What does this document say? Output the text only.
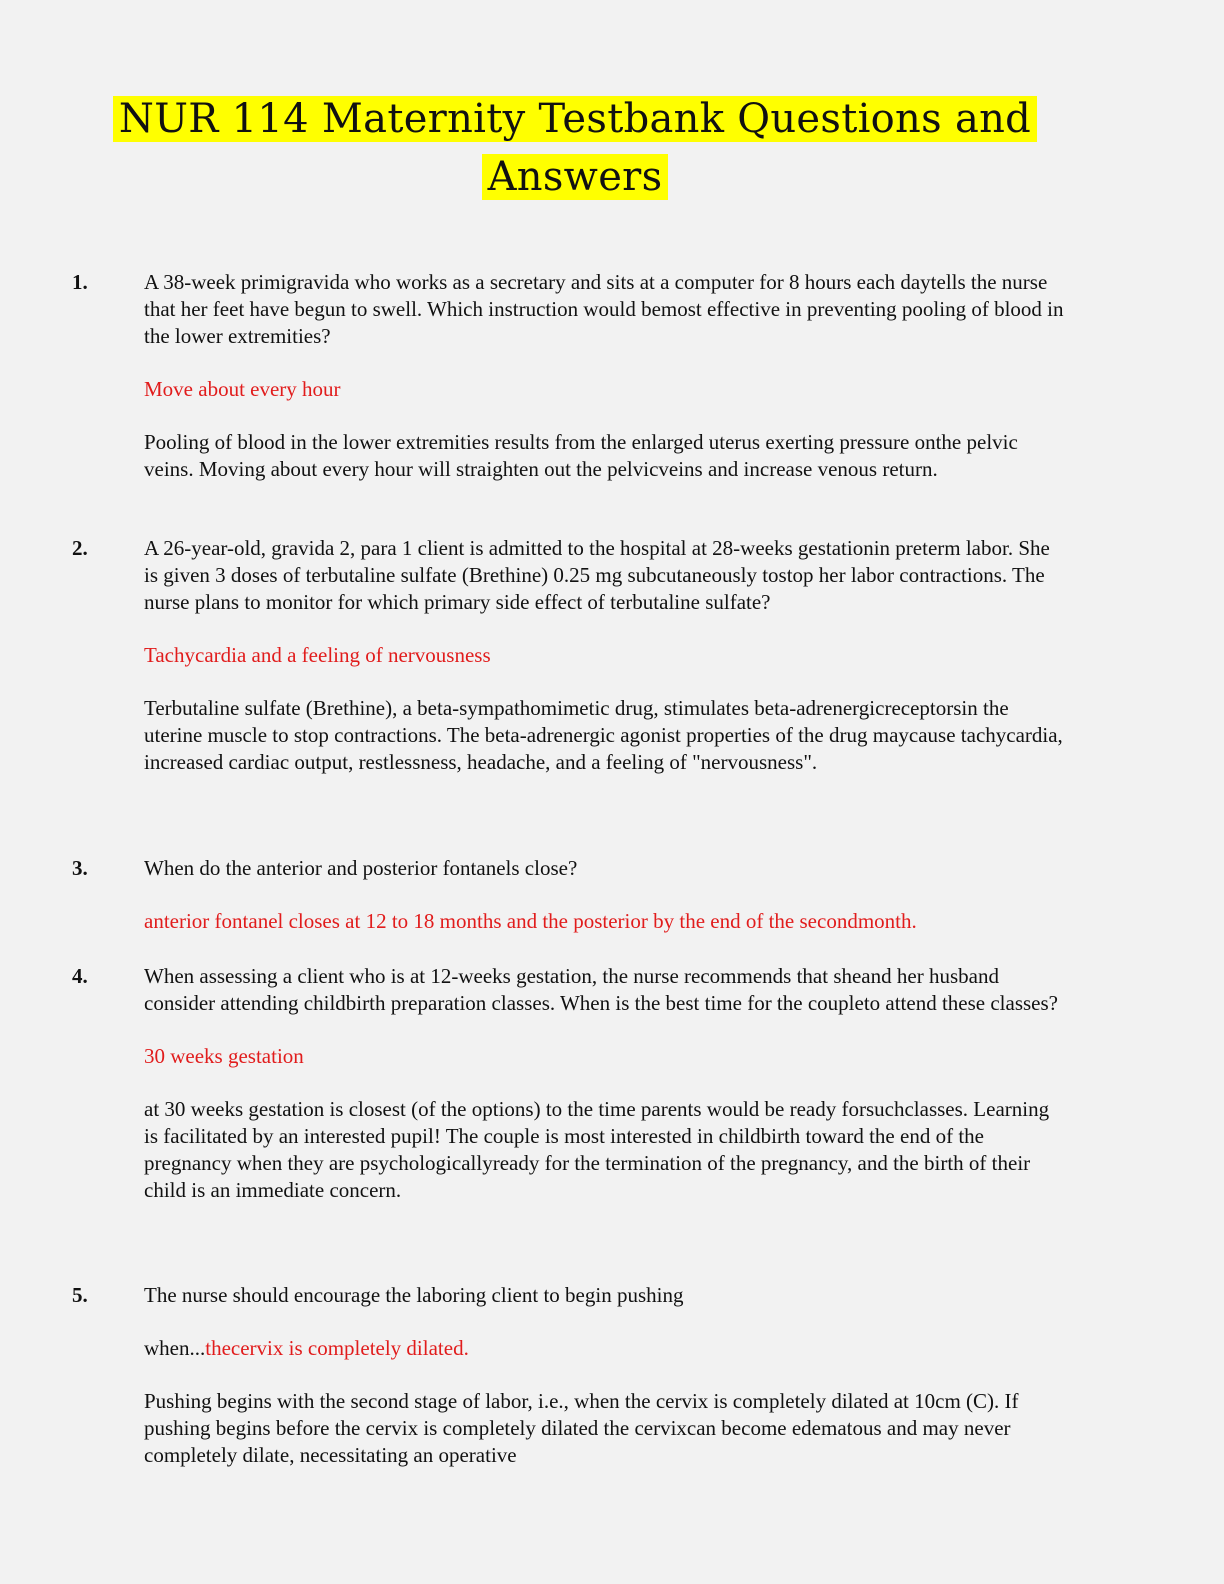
NUR 114 Maternity Testbank Questions and
Answers
1.	A 38-week primigravida who works as a secretary and sits at a computer for 8 hours each daytells the nurse that her feet have begun to swell. Which instruction would bemost effective in preventing pooling of blood in the lower extremities?

Move about every hour

Pooling of blood in the lower extremities results from the enlarged uterus exerting pressure onthe pelvic veins. Moving about every hour will straighten out the pelvicveins and increase venous return.

2.	A 26-year-old, gravida 2, para 1 client is admitted to the hospital at 28-weeks gestationin preterm labor. She is given 3 doses of terbutaline sulfate (Brethine) 0.25 mg subcutaneously tostop her labor contractions. The nurse plans to monitor for which primary side effect of terbutaline sulfate?

Tachycardia and a feeling of nervousness

Terbutaline sulfate (Brethine), a beta-sympathomimetic drug, stimulates beta-adrenergicreceptorsin the uterine muscle to stop contractions. The beta-adrenergic agonist properties of the drug maycause tachycardia, increased cardiac output, restlessness, headache, and a feeling of "nervousness".

3.	When do the anterior and posterior fontanels close?

anterior fontanel closes at 12 to 18 months and the posterior by the end of the secondmonth.

4.	When assessing a client who is at 12-weeks gestation, the nurse recommends that sheand her husband consider attending childbirth preparation classes. When is the best time for the coupleto attend these classes?

30 weeks gestation

at 30 weeks gestation is closest (of the options) to the time parents would be ready forsuchclasses. Learning is facilitated by an interested pupil! The couple is most interested in childbirth toward the end of the pregnancy when they are psychologicallyready for the termination of the pregnancy, and the birth of their child is an immediate concern.

5.	The nurse should encourage the laboring client to begin pushing

when...thecervix is completely dilated.

Pushing begins with the second stage of labor, i.e., when the cervix is completely dilated at 10cm (C). If pushing begins before the cervix is completely dilated the cervixcan become edematous and may never completely dilate, necessitating an operative
